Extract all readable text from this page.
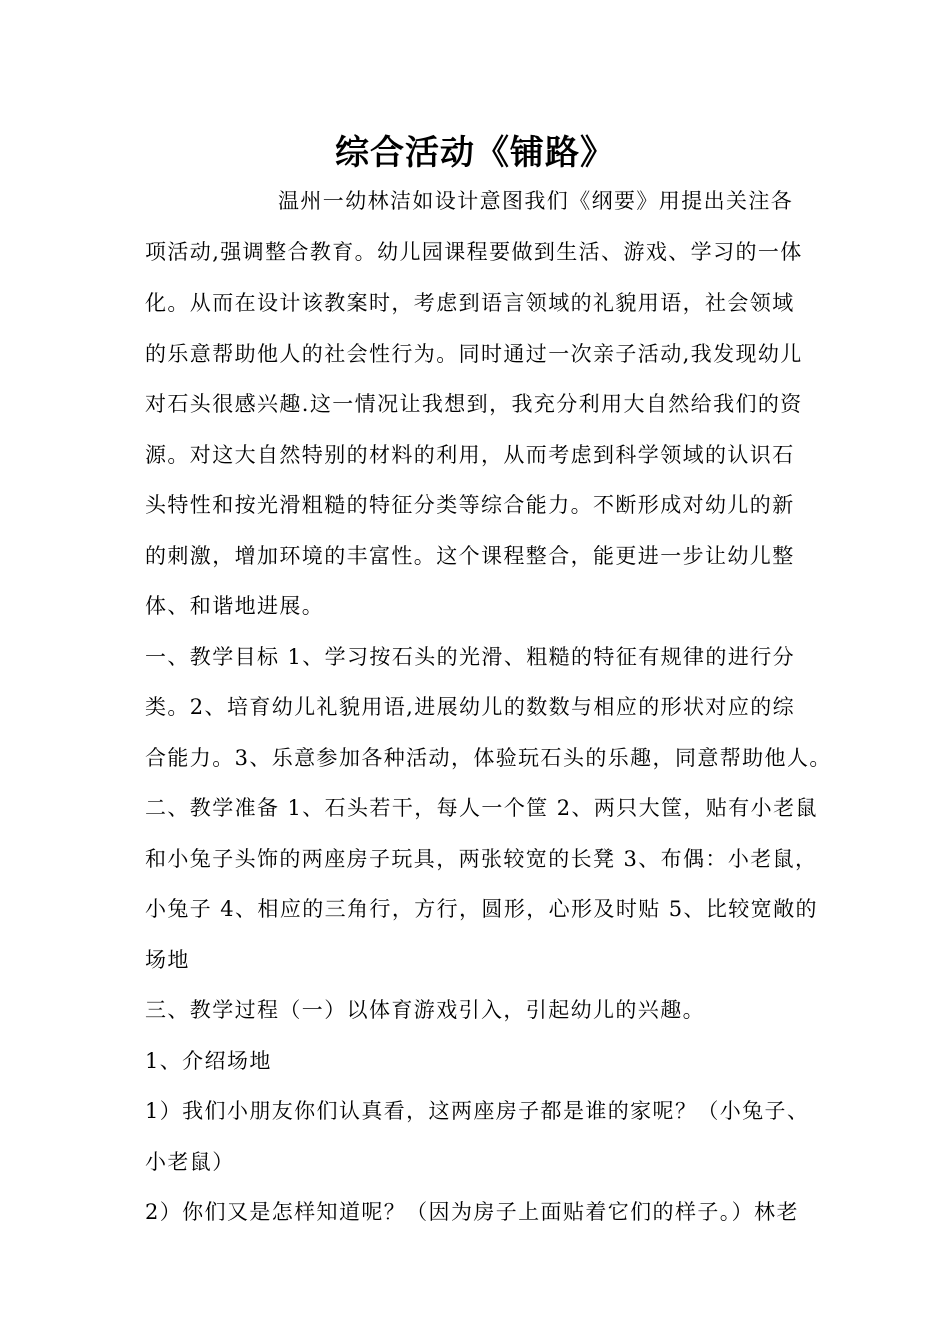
综合活动《铺路》
温州一幼林洁如设计意图我们《纲要》用提出关注各
项活动,强调整合教育。幼儿园课程要做到生活、游戏、学习的一体
化。从而在设计该教案时，考虑到语言领域的礼貌用语，社会领域
的乐意帮助他人的社会性行为。同时通过一次亲子活动,我发现幼儿
对石头很感兴趣.这一情况让我想到，我充分利用大自然给我们的资
源。对这大自然特别的材料的利用，从而考虑到科学领域的认识石
头特性和按光滑粗糙的特征分类等综合能力。不断形成对幼儿的新
的刺激，增加环境的丰富性。这个课程整合，能更进一步让幼儿整
体、和谐地进展。
一、教学目标 1、学习按石头的光滑、粗糙的特征有规律的进行分
类。2、培育幼儿礼貌用语,进展幼儿的数数与相应的形状对应的综
合能力。3、乐意参加各种活动，体验玩石头的乐趣，同意帮助他人。
二、教学准备 1、石头若干，每人一个筐 2、两只大筐，贴有小老鼠
和小兔子头饰的两座房子玩具，两张较宽的长凳 3、布偶：小老鼠，
小兔子 4、相应的三角行，方行，圆形，心形及时贴 5、比较宽敞的
场地
三、教学过程（一）以体育游戏引入，引起幼儿的兴趣。
1、介绍场地
1）我们小朋友你们认真看，这两座房子都是谁的家呢？（小兔子、
小老鼠）
2）你们又是怎样知道呢？（因为房子上面贴着它们的样子。）林老
